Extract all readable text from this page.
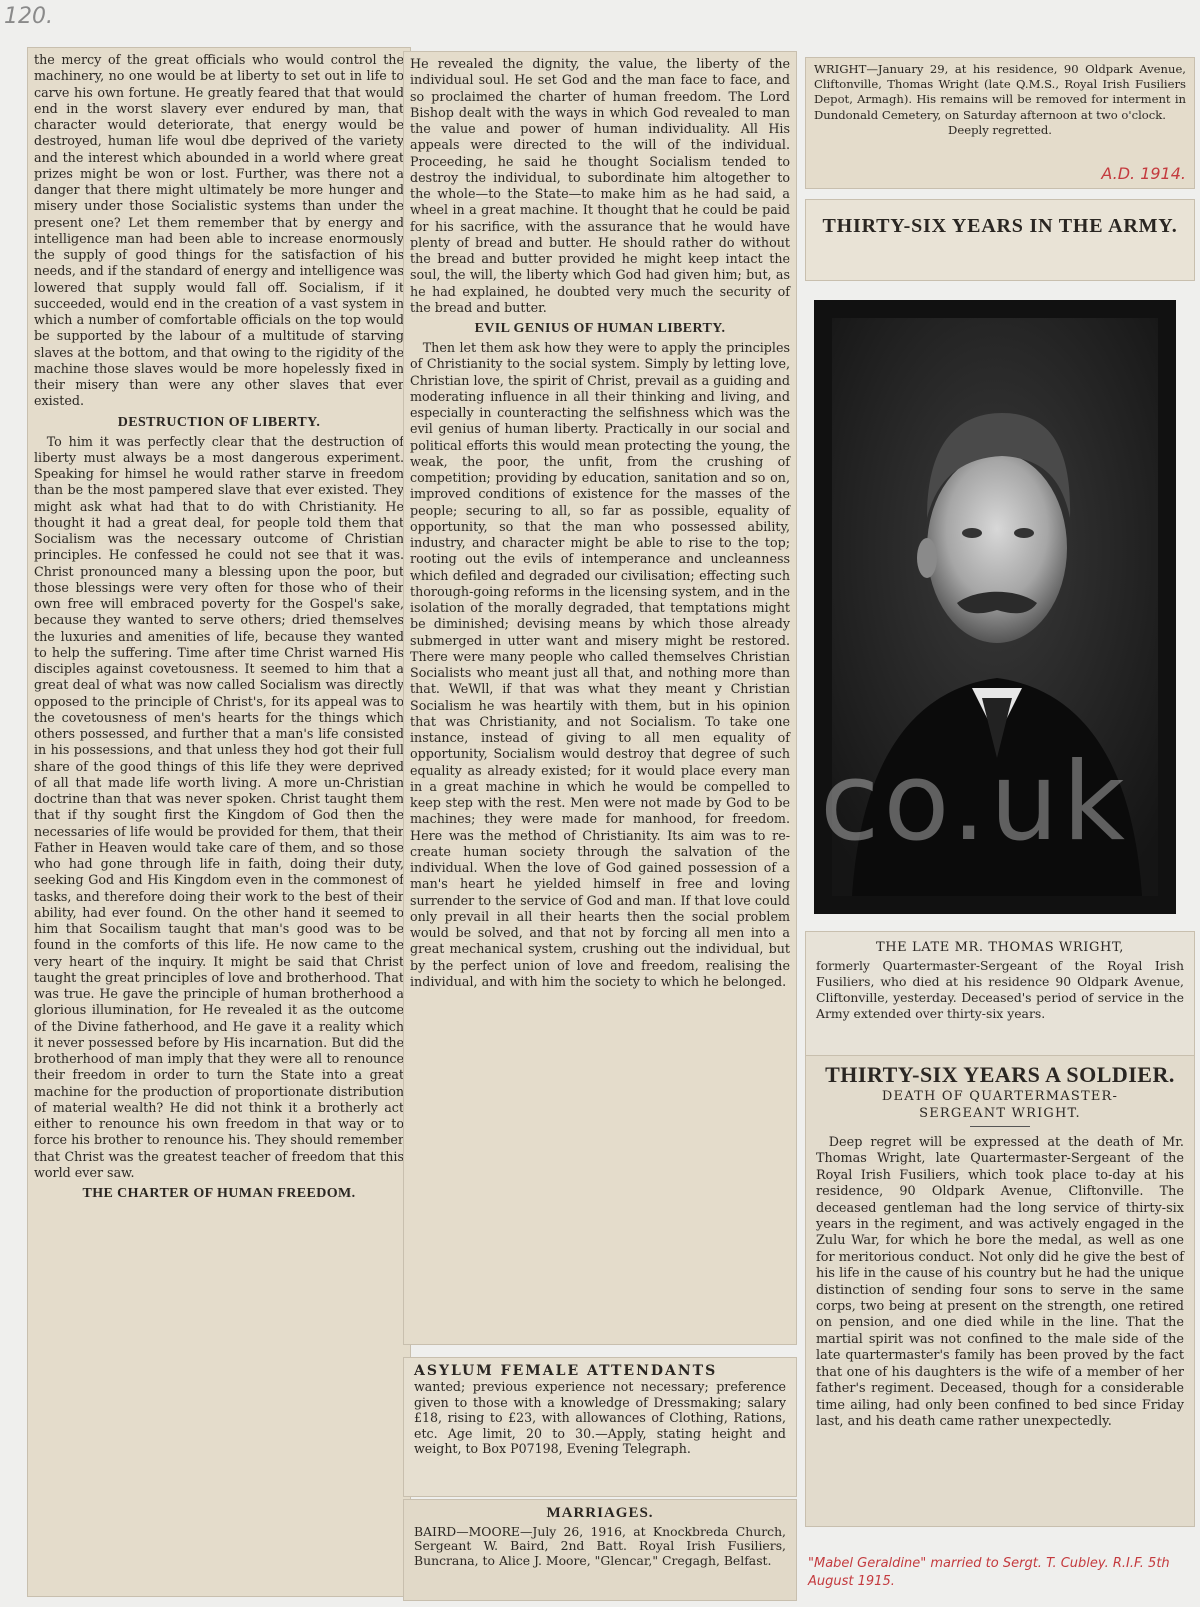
120.

the mercy of the great officials who would control the machinery, no one would be at liberty to set out in life to carve his own fortune. He greatly feared that that would end in the worst slavery ever endured by man, that character would deteriorate, that energy would be destroyed, human life woul dbe deprived of the variety and the interest which abounded in a world where great prizes might be won or lost. Further, was there not a danger that there might ultimately be more hunger and misery under those Socialistic systems than under the present one? Let them remember that by energy and intelligence man had been able to increase enormously the supply of good things for the satisfaction of his needs, and if the standard of energy and intelligence was lowered that supply would fall off. Socialism, if it succeeded, would end in the creation of a vast system in which a number of comfortable officials on the top would be supported by the labour of a multitude of starving slaves at the bottom, and that owing to the rigidity of the machine those slaves would be more hopelessly fixed in their misery than were any other slaves that ever existed.

DESTRUCTION OF LIBERTY.

To him it was perfectly clear that the destruction of liberty must always be a most dangerous experiment. Speaking for himsel he would rather starve in freedom than be the most pampered slave that ever existed. They might ask what had that to do with Christianity. He thought it had a great deal, for people told them that Socialism was the necessary outcome of Christian principles. He confessed he could not see that it was. Christ pronounced many a blessing upon the poor, but those blessings were very often for those who of their own free will embraced poverty for the Gospel's sake, because they wanted to serve others; dried themselves the luxuries and amenities of life, because they wanted to help the suffering. Time after time Christ warned His disciples against covetousness. It seemed to him that a great deal of what was now called Socialism was directly opposed to the principle of Christ's, for its appeal was to the covetousness of men's hearts for the things which others possessed, and further that a man's life consisted in his possessions, and that unless they hod got their full share of the good things of this life they were deprived of all that made life worth living. A more un-Christian doctrine than that was never spoken. Christ taught them that if thy sought first the Kingdom of God then the necessaries of life would be provided for them, that their Father in Heaven would take care of them, and so those who had gone through life in faith, doing their duty, seeking God and His Kingdom even in the commonest of tasks, and therefore doing their work to the best of their ability, had ever found. On the other hand it seemed to him that Socailism taught that man's good was to be found in the comforts of this life. He now came to the very heart of the inquiry. It might be said that Christ taught the great principles of love and brotherhood. That was true. He gave the principle of human brotherhood a glorious illumination, for He revealed it as the outcome of the Divine fatherhood, and He gave it a reality which it never possessed before by His incarnation. But did the brotherhood of man imply that they were all to renounce their freedom in order to turn the State into a great machine for the production of proportionate distribution of material wealth? He did not think it a brotherly act either to renounce his own freedom in that way or to force his brother to renounce his. They should remember that Christ was the greatest teacher of freedom that this world ever saw.

THE CHARTER OF HUMAN FREEDOM.

He revealed the dignity, the value, the liberty of the individual soul. He set God and the man face to face, and so proclaimed the charter of human freedom. The Lord Bishop dealt with the ways in which God revealed to man the value and power of human individuality. All His appeals were directed to the will of the individual. Proceeding, he said he thought Socialism tended to destroy the individual, to subordinate him altogether to the whole—to the State—to make him as he had said, a wheel in a great machine. It thought that he could be paid for his sacrifice, with the assurance that he would have plenty of bread and butter. He should rather do without the bread and butter provided he might keep intact the soul, the will, the liberty which God had given him; but, as he had explained, he doubted very much the security of the bread and butter.

EVIL GENIUS OF HUMAN LIBERTY.

Then let them ask how they were to apply the principles of Christianity to the social system. Simply by letting love, Christian love, the spirit of Christ, prevail as a guiding and moderating influence in all their thinking and living, and especially in counteracting the selfishness which was the evil genius of human liberty. Practically in our social and political efforts this would mean protecting the young, the weak, the poor, the unfit, from the crushing of competition; providing by education, sanitation and so on, improved conditions of existence for the masses of the people; securing to all, so far as possible, equality of opportunity, so that the man who possessed ability, industry, and character might be able to rise to the top; rooting out the evils of intemperance and uncleanness which defiled and degraded our civilisation; effecting such thorough-going reforms in the licensing system, and in the isolation of the morally degraded, that temptations might be diminished; devising means by which those already submerged in utter want and misery might be restored. There were many people who called themselves Christian Socialists who meant just all that, and nothing more than that. WeWll, if that was what they meant y Christian Socialism he was heartily with them, but in his opinion that was Christianity, and not Socialism. To take one instance, instead of giving to all men equality of opportunity, Socialism would destroy that degree of such equality as already existed; for it would place every man in a great machine in which he would be compelled to keep step with the rest. Men were not made by God to be machines; they were made for manhood, for freedom. Here was the method of Christianity. Its aim was to re-create human society through the salvation of the individual. When the love of God gained possession of a man's heart he yielded himself in free and loving surrender to the service of God and man. If that love could only prevail in all their hearts then the social problem would be solved, and that not by forcing all men into a great mechanical system, crushing out the individual, but by the perfect union of love and freedom, realising the individual, and with him the society to which he belonged.

ASYLUM FEMALE ATTENDANTS

wanted; previous experience not necessary; preference given to those with a knowledge of Dressmaking; salary £18, rising to £23, with allowances of Clothing, Rations, etc. Age limit, 20 to 30.—Apply, stating height and weight, to Box P07198, Evening Telegraph.

MARRIAGES.

BAIRD—MOORE—July 26, 1916, at Knockbreda Church, Sergeant W. Baird, 2nd Batt. Royal Irish Fusiliers, Buncrana, to Alice J. Moore, "Glencar," Cregagh, Belfast.

WRIGHT—January 29, at his residence, 90 Oldpark Avenue, Cliftonville, Thomas Wright (late Q.M.S., Royal Irish Fusiliers Depot, Armagh). His remains will be removed for interment in Dundonald Cemetery, on Saturday afternoon at two o'clock.

Deeply regretted.

A.D. 1914.
THIRTY-SIX YEARS IN THE ARMY.

co.uk

THE LATE MR. THOMAS WRIGHT,

formerly Quartermaster-Sergeant of the Royal Irish Fusiliers, who died at his residence 90 Oldpark Avenue, Cliftonville, yesterday. Deceased's period of service in the Army extended over thirty-six years.

THIRTY-SIX YEARS A SOLDIER.

DEATH OF QUARTERMASTER-

SERGEANT WRIGHT.

Deep regret will be expressed at the death of Mr. Thomas Wright, late Quartermaster-Sergeant of the Royal Irish Fusiliers, which took place to-day at his residence, 90 Oldpark Avenue, Cliftonville. The deceased gentleman had the long service of thirty-six years in the regiment, and was actively engaged in the Zulu War, for which he bore the medal, as well as one for meritorious conduct. Not only did he give the best of his life in the cause of his country but he had the unique distinction of sending four sons to serve in the same corps, two being at present on the strength, one retired on pension, and one died while in the line. That the martial spirit was not confined to the male side of the late quartermaster's family has been proved by the fact that one of his daughters is the wife of a member of her father's regiment. Deceased, though for a considerable time ailing, had only been confined to bed since Friday last, and his death came rather unexpectedly.

"Mabel Geraldine" married to Sergt. T. Cubley. R.I.F. 5th August 1915.
